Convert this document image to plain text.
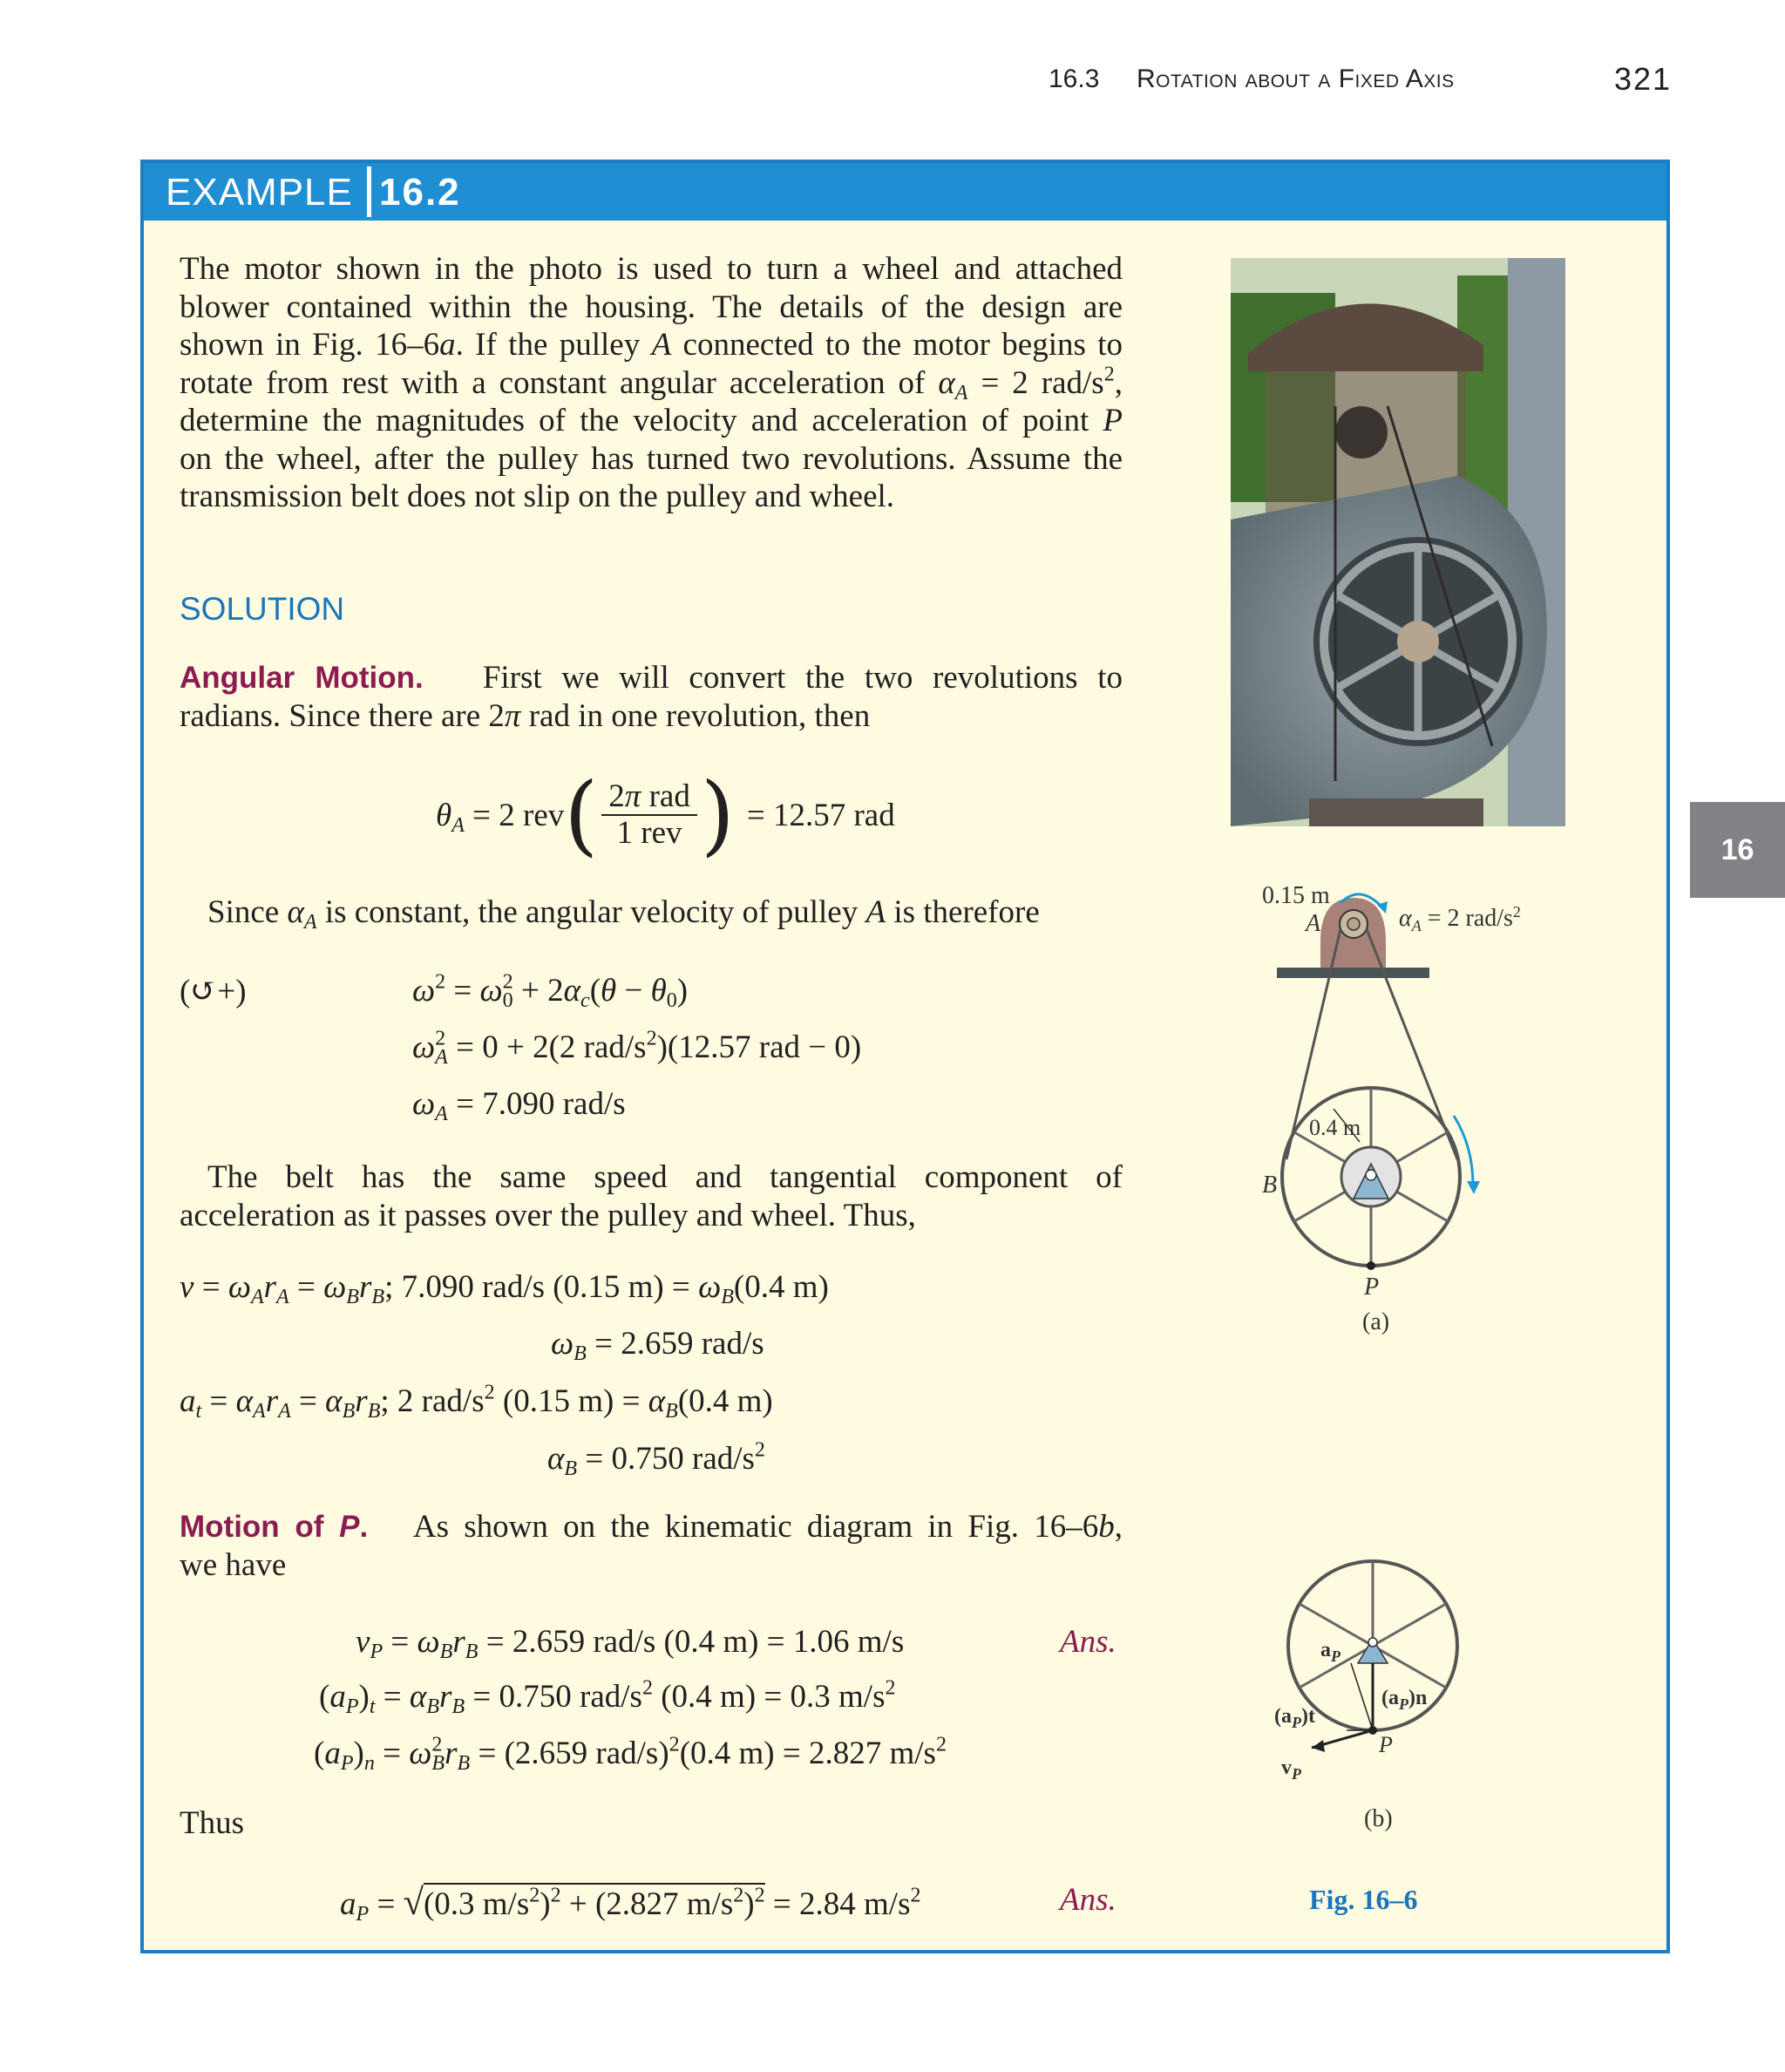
16.3 Rotation about a Fixed Axis	321
16
EXAMPLE 16.2
The motor shown in the photo is used to turn a wheel and attached
blower contained within the housing. The details of the design are
shown in Fig. 16–6a. If the pulley A connected to the motor begins to
rotate from rest with a constant angular acceleration of $\alpha_A = 2$ rad/$s^2$,
determine the magnitudes of the velocity and acceleration of point P
on the wheel, after the pulley has turned two revolutions. Assume the
transmission belt does not slip on the pulley and wheel.
SOLUTION
Angular Motion. First we will convert the two revolutions to
radians. Since there are 2π rad in one revolution, then
$\theta_A = 2$ rev ( $\frac{\text{2π rad}}{\text{1 rev}}$ ) = 12.57 rad
Since $\alpha_A$ is constant, the angular velocity of pulley A is therefore
(↻+)	$\omega^2 = \omega^2_0 + 2\alpha_c(\theta - \theta_0)$
$\omega^2_A = 0 + 2(2$ rad/$s^2)(12.57$ rad − 0)
$\omega_A = 7.090$ rad/s
The belt has the same speed and tangential component of
acceleration as it passes over the pulley and wheel. Thus,
$v = \omega_Ar_A = \omega_Br_B$; 7.090 rad/s (0.15 $m) = \omega_B(0.4$ m)
$\omega_B = 2.659$ rad/s
$a_t = \alpha_Ar_A = \alpha_Br_B$; 2 rad/$s^2$ (0.15 $m) = \alpha_B(0.4$ m)
$\alpha_B = 0.750$ rad/$s^2$
Motion of P. As shown on the kinematic diagram in Fig. 16–6b,
we have
$v_P = \omega_Br_B = 2.659$ rad/s (0.4 m) = 1.06 m/s	Ans.
$(a_P)_t = \alpha_Br_B = 0.750$ rad/$s^2$ (0.4 m) = 0.3 $m/s^2$
$(a_P)_n = \omega^2_Br_B = (2.659$ rad/s)$^2$(0.4 m) = 2.827 $m/s^2$
Thus
$a_P = √(0.3$ $m/s^2)^2 + (2.827$ $m/s^2)^2 = 2.84$ $m/s^2$	Ans.
0.15 m
A	$\alpha_A = 2$ rad/$s^2$
0.4 m
B
P
(a)
$a_P$
$(a_P)n$
$(a_P)t$
P
$v_P$
(b)
Fig. 16–6
